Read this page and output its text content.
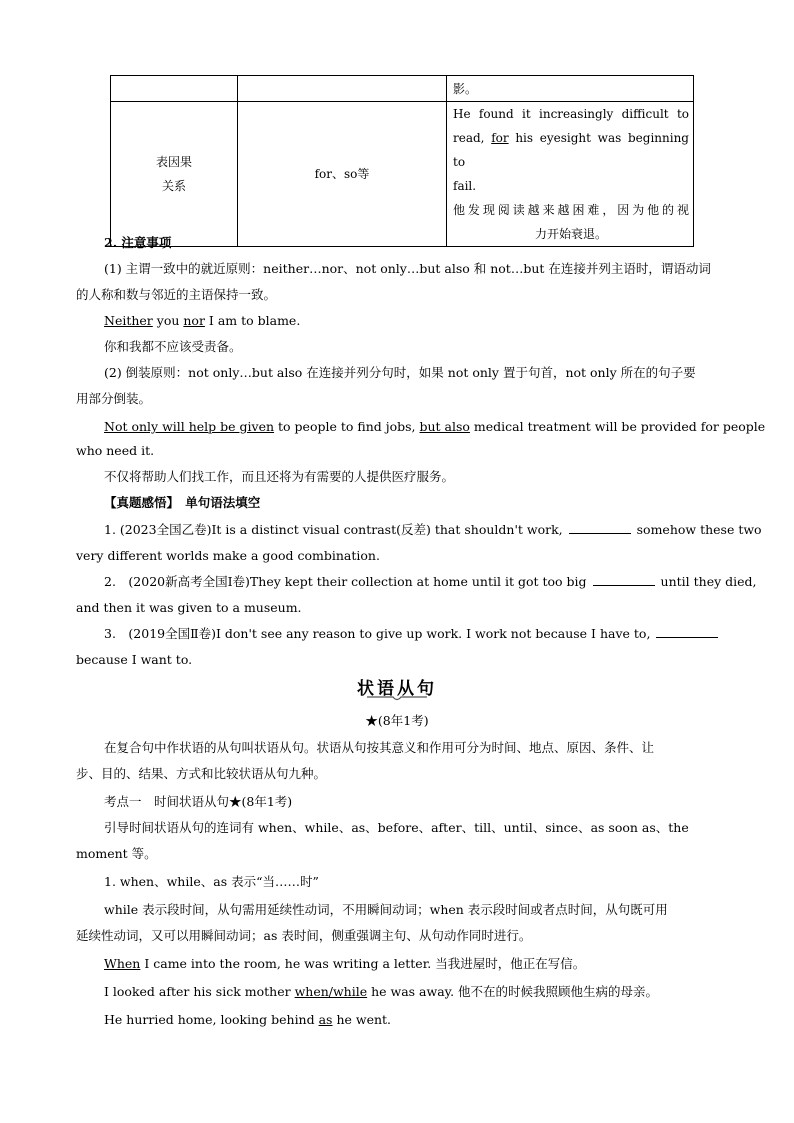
		影。

表因果
关系	for、so等	He found it increasingly difficult to
read, for his eyesight was beginning to
fail.
他发现阅读越来越困难，因为他的视
力开始衰退。
2. 注意事项
(1) 主谓一致中的就近原则：neither…nor、not only…but also 和 not…but 在连接并列主语时，谓语动词
的人称和数与邻近的主语保持一致。
Neither you nor I am to blame.
你和我都不应该受责备。
(2) 倒装原则：not only…but also 在连接并列分句时，如果 not only 置于句首，not only 所在的句子要
用部分倒装。
Not only will help be given to people to find jobs, but also medical treatment will be provided for people
who need it.
不仅将帮助人们找工作，而且还将为有需要的人提供医疗服务。
【真题感悟】　单句语法填空
1. (2023全国乙卷)It is a distinct visual contrast(反差) that shouldn't work,	somehow these two
very different worlds make a good combination.
2.　(2020新高考全国Ⅰ卷)They kept their collection at home until it got too big	until they died,
and then it was given to a museum.
3.　(2019全国Ⅱ卷)I don't see any reason to give up work. I work not because I have to,
because I want to.
状语从句
★(8年1考)
在复合句中作状语的从句叫状语从句。状语从句按其意义和作用可分为时间、地点、原因、条件、让
步、目的、结果、方式和比较状语从句九种。
考点一　时间状语从句★(8年1考)
引导时间状语从句的连词有 when、while、as、before、after、till、until、since、as soon as、the
moment 等。
1. when、while、as 表示“当……时”
while 表示段时间，从句需用延续性动词，不用瞬间动词；when 表示段时间或者点时间，从句既可用
延续性动词，又可以用瞬间动词；as 表时间，侧重强调主句、从句动作同时进行。
When I came into the room, he was writing a letter. 当我进屋时，他正在写信。
I looked after his sick mother when/while he was away. 他不在的时候我照顾他生病的母亲。
He hurried home, looking behind as he went.
